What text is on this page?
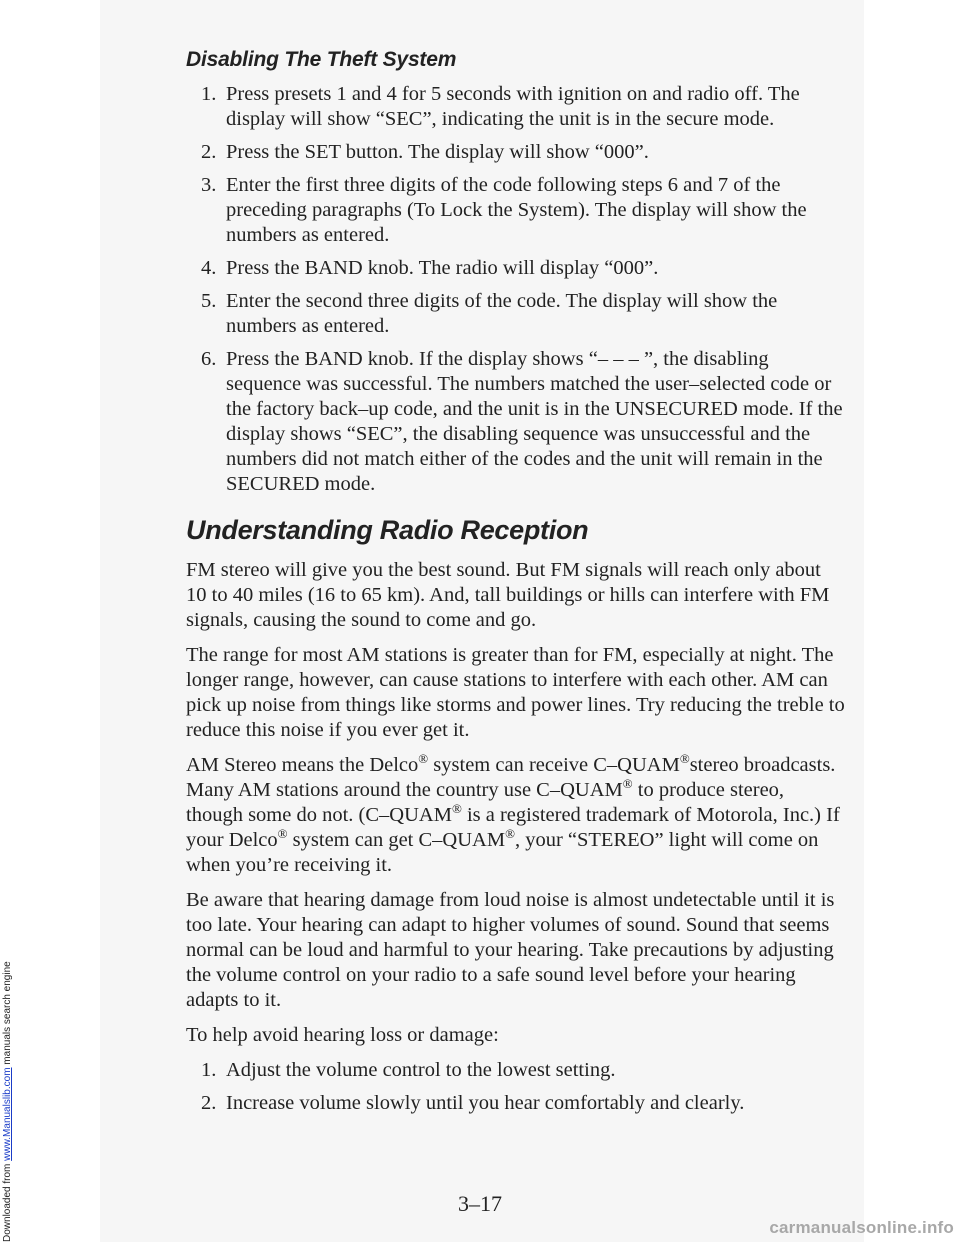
Downloaded from www.Manualslib.com manuals search engine
Disabling The Theft System
1. Press presets 1 and 4 for 5 seconds with ignition on and radio off. The display will show “SEC”, indicating the unit is in the secure mode.
2. Press the SET button. The display will show “000”.
3. Enter the first three digits of the code following steps 6 and 7 of the preceding paragraphs (To Lock the System). The display will show the numbers as entered.
4. Press the BAND knob. The radio will display “000”.
5. Enter the second three digits of the code. The display will show the numbers as entered.
6. Press the BAND knob. If the display shows “– – – ”, the disabling sequence was successful. The numbers matched the user–selected code or the factory back–up code, and the unit is in the UNSECURED mode. If the display shows “SEC”, the disabling sequence was unsuccessful and the numbers did not match either of the codes and the unit will remain in the SECURED mode.
Understanding Radio Reception

FM stereo will give you the best sound. But FM signals will reach only about 10 to 40 miles (16 to 65 km). And, tall buildings or hills can interfere with FM signals, causing the sound to come and go.

The range for most AM stations is greater than for FM, especially at night. The longer range, however, can cause stations to interfere with each other. AM can pick up noise from things like storms and power lines. Try reducing the treble to reduce this noise if you ever get it.

AM Stereo means the Delco® system can receive C–QUAM®stereo broadcasts. Many AM stations around the country use C–QUAM® to produce stereo, though some do not. (C–QUAM® is a registered trademark of Motorola, Inc.) If your Delco® system can get C–QUAM®, your “STEREO” light will come on when you’re receiving it.

Be aware that hearing damage from loud noise is almost undetectable until it is too late. Your hearing can adapt to higher volumes of sound. Sound that seems normal can be loud and harmful to your hearing. Take precautions by adjusting the volume control on your radio to a safe sound level before your hearing adapts to it.

To help avoid hearing loss or damage:

1. Adjust the volume control to the lowest setting.
2. Increase volume slowly until you hear comfortably and clearly.
3–17
carmanualsonline.info
